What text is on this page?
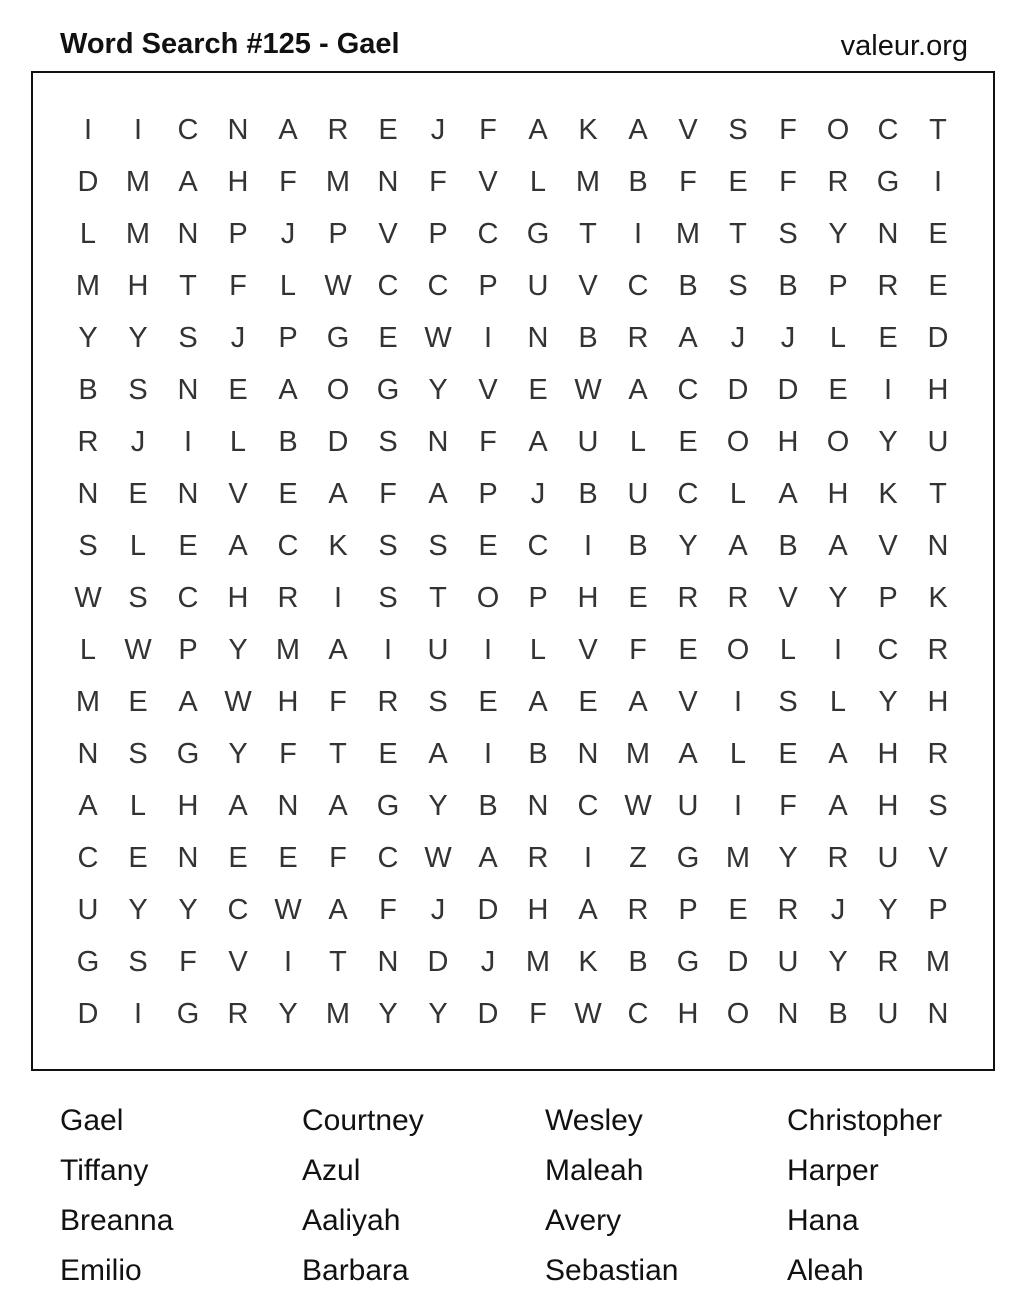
Word Search #125 - Gael	valeur.org
I	I	C	N	A	R	E	J	F	A	K	A	V	S	F	O C	T
D M A	H	F	M N	F	V	L	M B	F	E	F	R G	I
L	M N	P	J	P	V	P	C G	T	I	M	T	S	Y	N	E
M H	T	F	L W C	C	P	U	V	C	B	S	B	P	R	E
Y	Y	S	J	P	G	E W	I	N	B	R	A	J	J	L	E	D
B	S	N	E	A	O G	Y	V	E W A	C	D	D	E	I	H
R	J	I	L	B	D	S	N	F	A	U	L	E	O H O	Y	U
N	E	N	V	E	A	F	A	P	J	B	U	C	L	A	H	K	T
S	L	E	A	C	K	S	S	E	C	I	B	Y	A	B	A	V	N
W S	C	H	R	I	S	T	O	P	H	E	R	R	V	Y	P	K
L W P	Y M A	I	U	I	L	V	F	E	O	L	I	C	R
M E	A W H	F	R	S	E	A	E	A	V	I	S	L	Y	H
N	S	G	Y	F	T	E	A	I	B	N M A	L	E	A	H	R
A	L	H	A	N	A	G	Y	B	N	C W U	I	F	A	H	S
C	E	N	E	E	F	C W A	R	I	Z	G M Y	R	U	V
U	Y	Y	C W A	F	J	D	H	A	R	P	E	R	J	Y	P
G	S	F	V	I	T	N	D	J	M K	B	G D	U	Y	R M
D	I	G R	Y M Y	Y	D	F W C	H O N	B	U	N
Gael	Courtney	Wesley	Christopher
Tiffany	Azul	Maleah	Harper
Breanna	Aaliyah	Avery	Hana
Emilio	Barbara	Sebastian	Aleah
